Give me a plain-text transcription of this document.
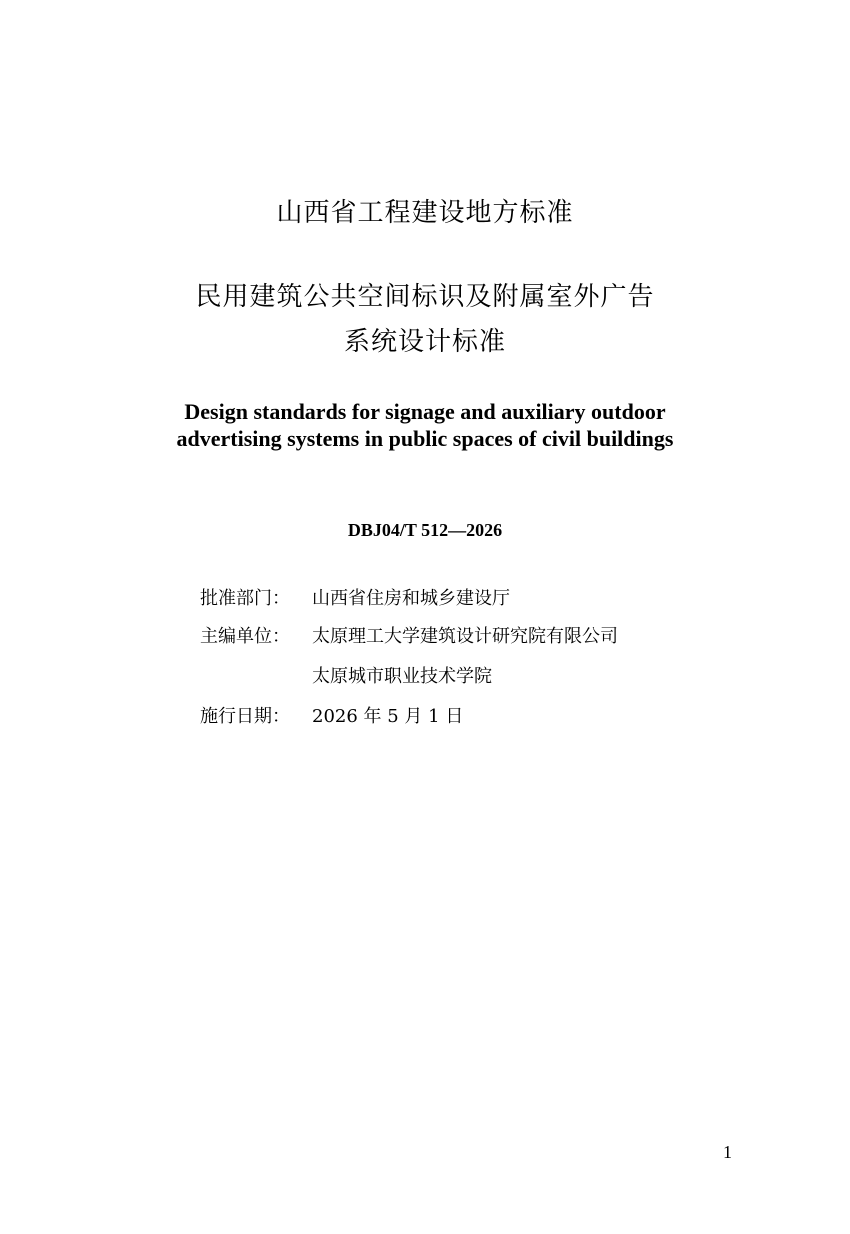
山西省工程建设地方标准
民用建筑公共空间标识及附属室外广告
系统设计标准
Design standards for signage and auxiliary outdoor
advertising systems in public spaces of civil buildings
DBJ04/T 512—2026
批准部门： 山西省住房和城乡建设厅
主编单位： 太原理工大学建筑设计研究院有限公司
太原城市职业技术学院
施行日期： 2026 年 5 月 1 日
1
